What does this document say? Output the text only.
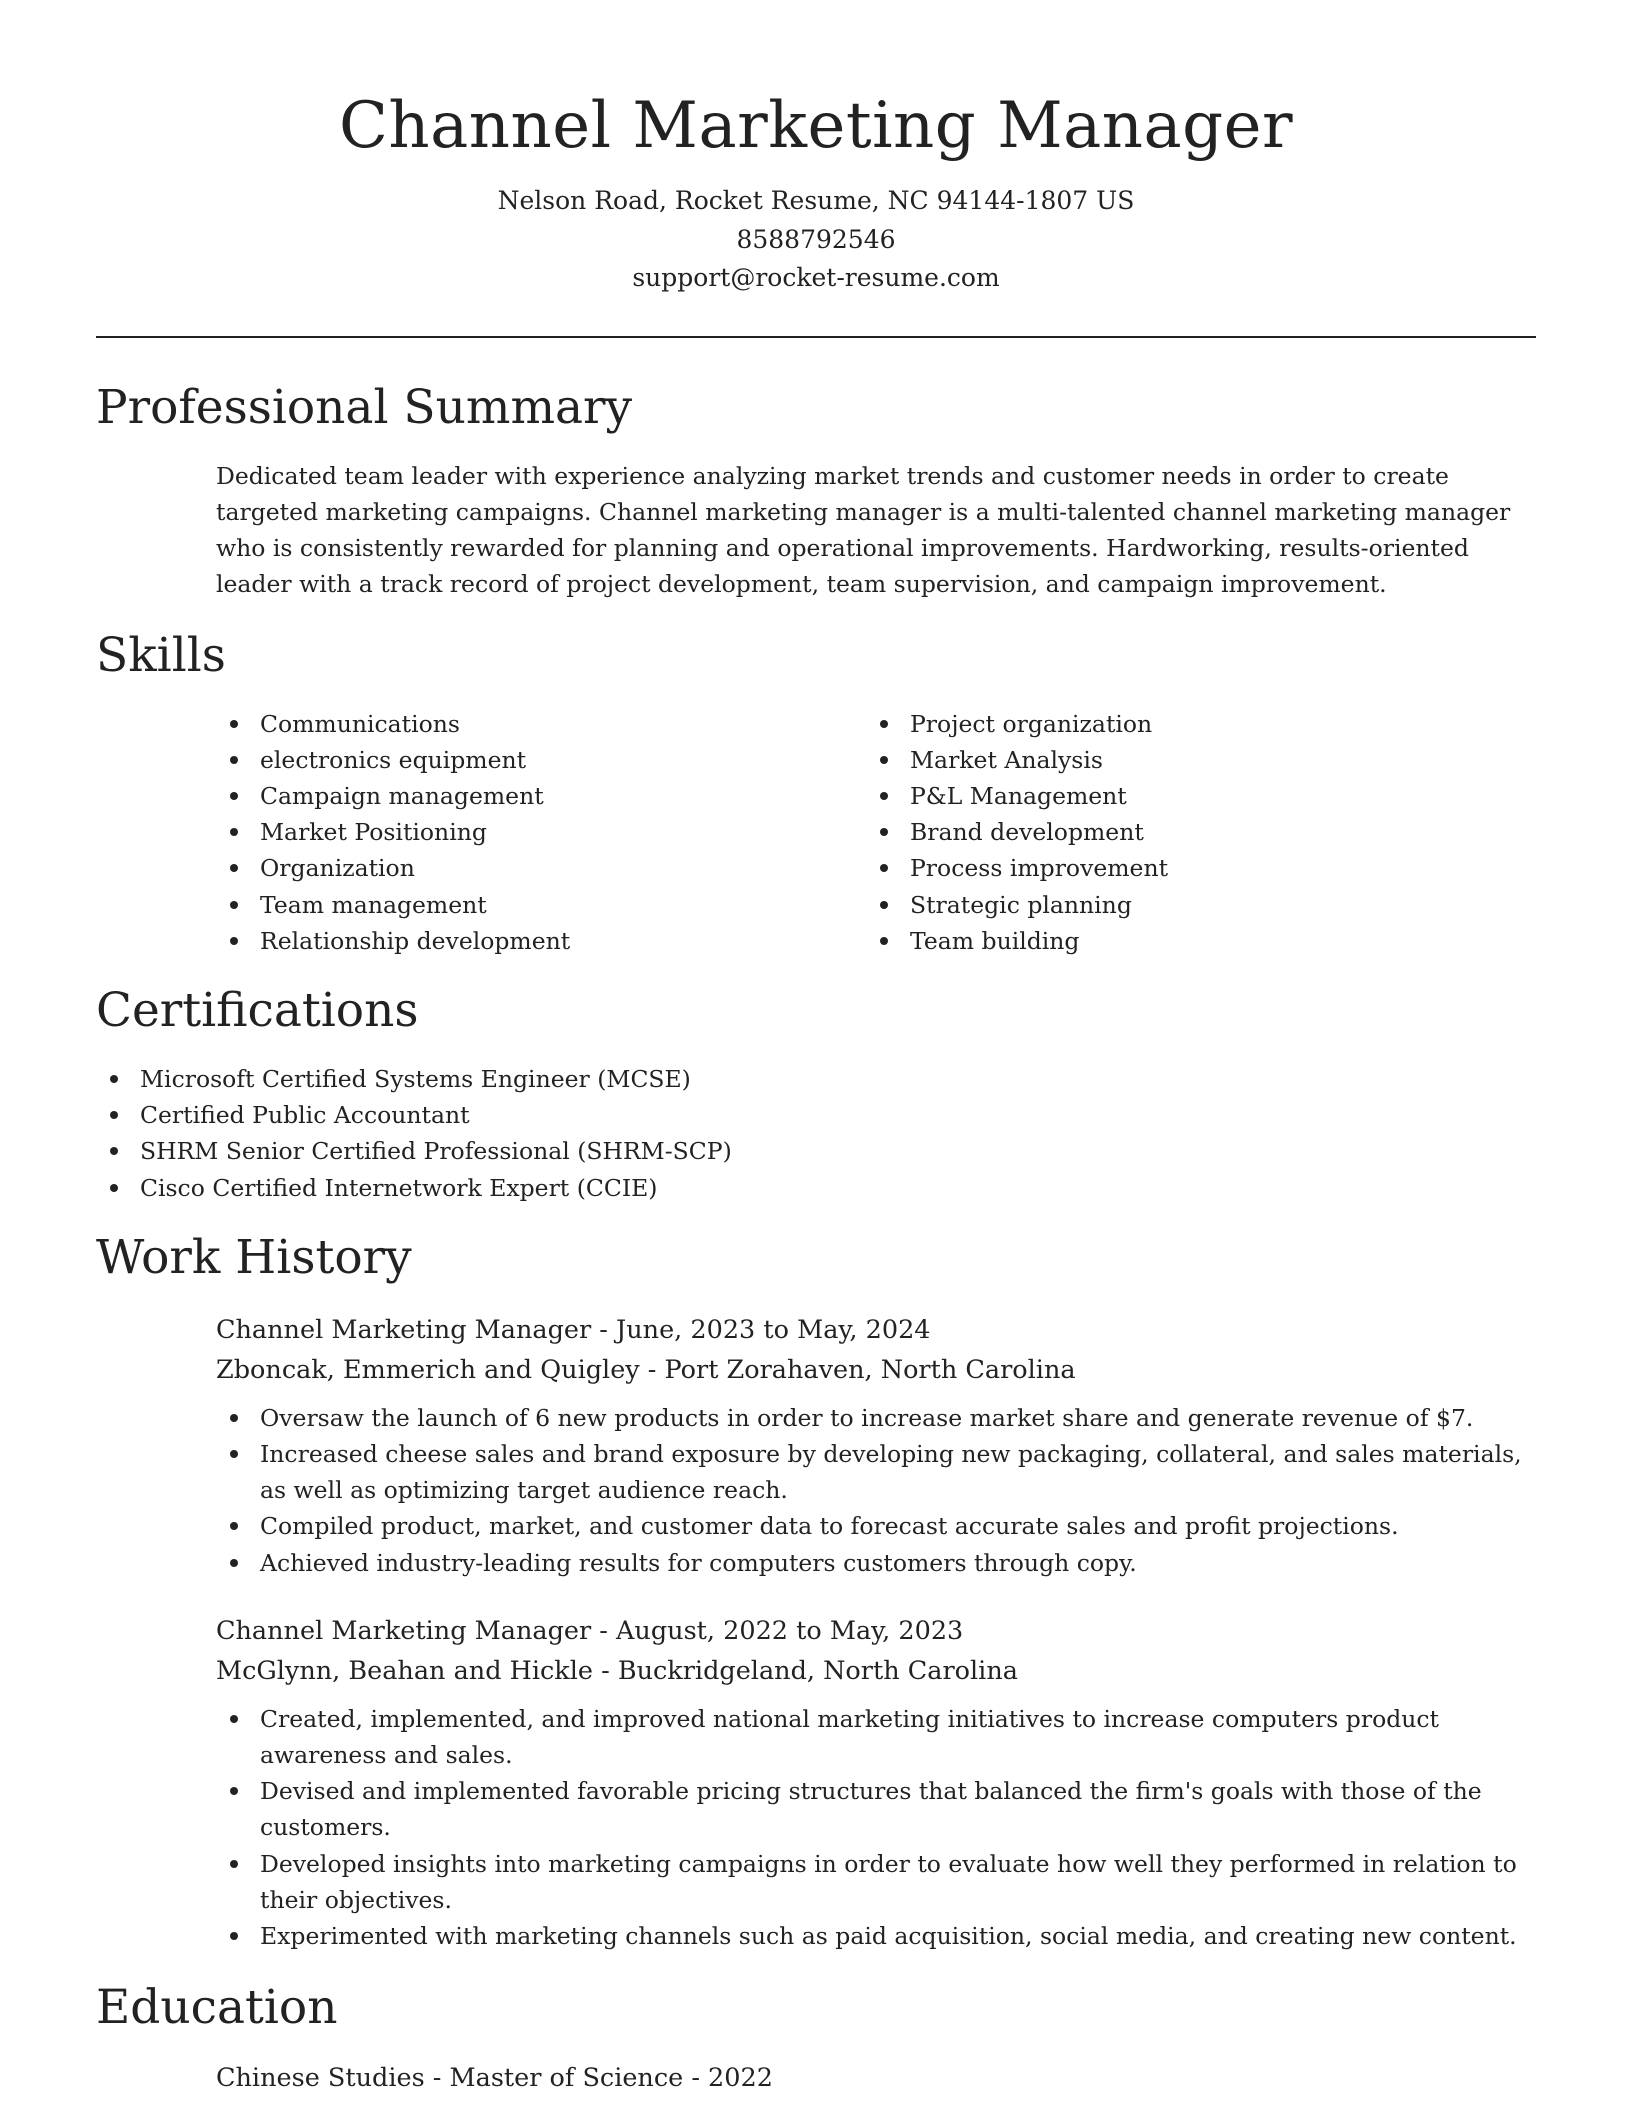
Channel Marketing Manager
Nelson Road, Rocket Resume, NC 94144-1807 US
8588792546
support@rocket-resume.com
Professional Summary

Dedicated team leader with experience analyzing market trends and customer needs in order to create targeted marketing campaigns. Channel marketing manager is a multi-talented channel marketing manager who is consistently rewarded for planning and operational improvements. Hardworking, results-oriented leader with a track record of project development, team supervision, and campaign improvement.

Skills
Communications
electronics equipment
Campaign management
Market Positioning
Organization
Team management
Relationship development
Project organization
Market Analysis
P&L Management
Brand development
Process improvement
Strategic planning
Team building
Certifications
Microsoft Certified Systems Engineer (MCSE)
Certified Public Accountant
SHRM Senior Certified Professional (SHRM-SCP)
Cisco Certified Internetwork Expert (CCIE)
Work History
Channel Marketing Manager - June, 2023 to May, 2024
Zboncak, Emmerich and Quigley - Port Zorahaven, North Carolina
Oversaw the launch of 6 new products in order to increase market share and generate revenue of $7.
Increased cheese sales and brand exposure by developing new packaging, collateral, and sales materials, as well as optimizing target audience reach.
Compiled product, market, and customer data to forecast accurate sales and profit projections.
Achieved industry-leading results for computers customers through copy.
Channel Marketing Manager - August, 2022 to May, 2023
McGlynn, Beahan and Hickle - Buckridgeland, North Carolina
Created, implemented, and improved national marketing initiatives to increase computers product awareness and sales.
Devised and implemented favorable pricing structures that balanced the firm's goals with those of the customers.
Developed insights into marketing campaigns in order to evaluate how well they performed in relation to their objectives.
Experimented with marketing channels such as paid acquisition, social media, and creating new content.
Education
Chinese Studies - Master of Science - 2022
